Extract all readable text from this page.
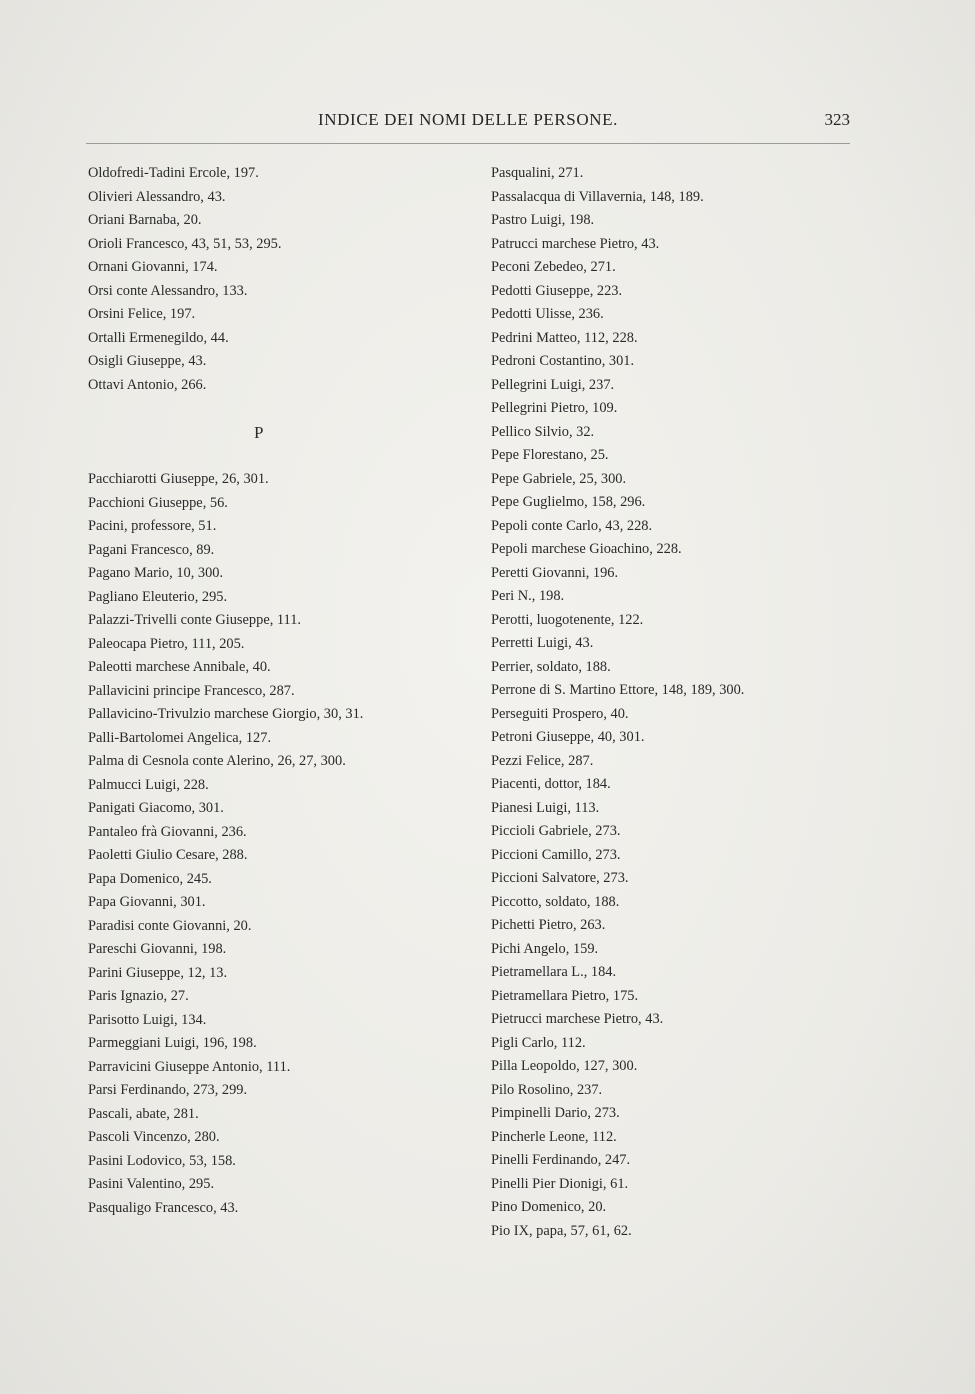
INDICE DEI NOMI DELLE PERSONE.	323
Oldofredi-Tadini Ercole, 197.
Olivieri Alessandro, 43.
Oriani Barnaba, 20.
Orioli Francesco, 43, 51, 53, 295.
Ornani Giovanni, 174.
Orsi conte Alessandro, 133.
Orsini Felice, 197.
Ortalli Ermenegildo, 44.
Osigli Giuseppe, 43.
Ottavi Antonio, 266.
P
Pacchiarotti Giuseppe, 26, 301.
Pacchioni Giuseppe, 56.
Pacini, professore, 51.
Pagani Francesco, 89.
Pagano Mario, 10, 300.
Pagliano Eleuterio, 295.
Palazzi-Trivelli conte Giuseppe, 111.
Paleocapa Pietro, 111, 205.
Paleotti marchese Annibale, 40.
Pallavicini principe Francesco, 287.
Pallavicino-Trivulzio marchese Giorgio, 30, 31.
Palli-Bartolomei Angelica, 127.
Palma di Cesnola conte Alerino, 26, 27, 300.
Palmucci Luigi, 228.
Panigati Giacomo, 301.
Pantaleo frà Giovanni, 236.
Paoletti Giulio Cesare, 288.
Papa Domenico, 245.
Papa Giovanni, 301.
Paradisi conte Giovanni, 20.
Pareschi Giovanni, 198.
Parini Giuseppe, 12, 13.
Paris Ignazio, 27.
Parisotto Luigi, 134.
Parmeggiani Luigi, 196, 198.
Parravicini Giuseppe Antonio, 111.
Parsi Ferdinando, 273, 299.
Pascali, abate, 281.
Pascoli Vincenzo, 280.
Pasini Lodovico, 53, 158.
Pasini Valentino, 295.
Pasqualigo Francesco, 43.
Pasqualini, 271.
Passalacqua di Villavernia, 148, 189.
Pastro Luigi, 198.
Patrucci marchese Pietro, 43.
Peconi Zebedeo, 271.
Pedotti Giuseppe, 223.
Pedotti Ulisse, 236.
Pedrini Matteo, 112, 228.
Pedroni Costantino, 301.
Pellegrini Luigi, 237.
Pellegrini Pietro, 109.
Pellico Silvio, 32.
Pepe Florestano, 25.
Pepe Gabriele, 25, 300.
Pepe Guglielmo, 158, 296.
Pepoli conte Carlo, 43, 228.
Pepoli marchese Gioachino, 228.
Peretti Giovanni, 196.
Peri N., 198.
Perotti, luogotenente, 122.
Perretti Luigi, 43.
Perrier, soldato, 188.
Perrone di S. Martino Ettore, 148, 189, 300.
Perseguiti Prospero, 40.
Petroni Giuseppe, 40, 301.
Pezzi Felice, 287.
Piacenti, dottor, 184.
Pianesi Luigi, 113.
Piccioli Gabriele, 273.
Piccioni Camillo, 273.
Piccioni Salvatore, 273.
Piccotto, soldato, 188.
Pichetti Pietro, 263.
Pichi Angelo, 159.
Pietramellara L., 184.
Pietramellara Pietro, 175.
Pietrucci marchese Pietro, 43.
Pigli Carlo, 112.
Pilla Leopoldo, 127, 300.
Pilo Rosolino, 237.
Pimpinelli Dario, 273.
Pincherle Leone, 112.
Pinelli Ferdinando, 247.
Pinelli Pier Dionigi, 61.
Pino Domenico, 20.
Pio IX, papa, 57, 61, 62.
